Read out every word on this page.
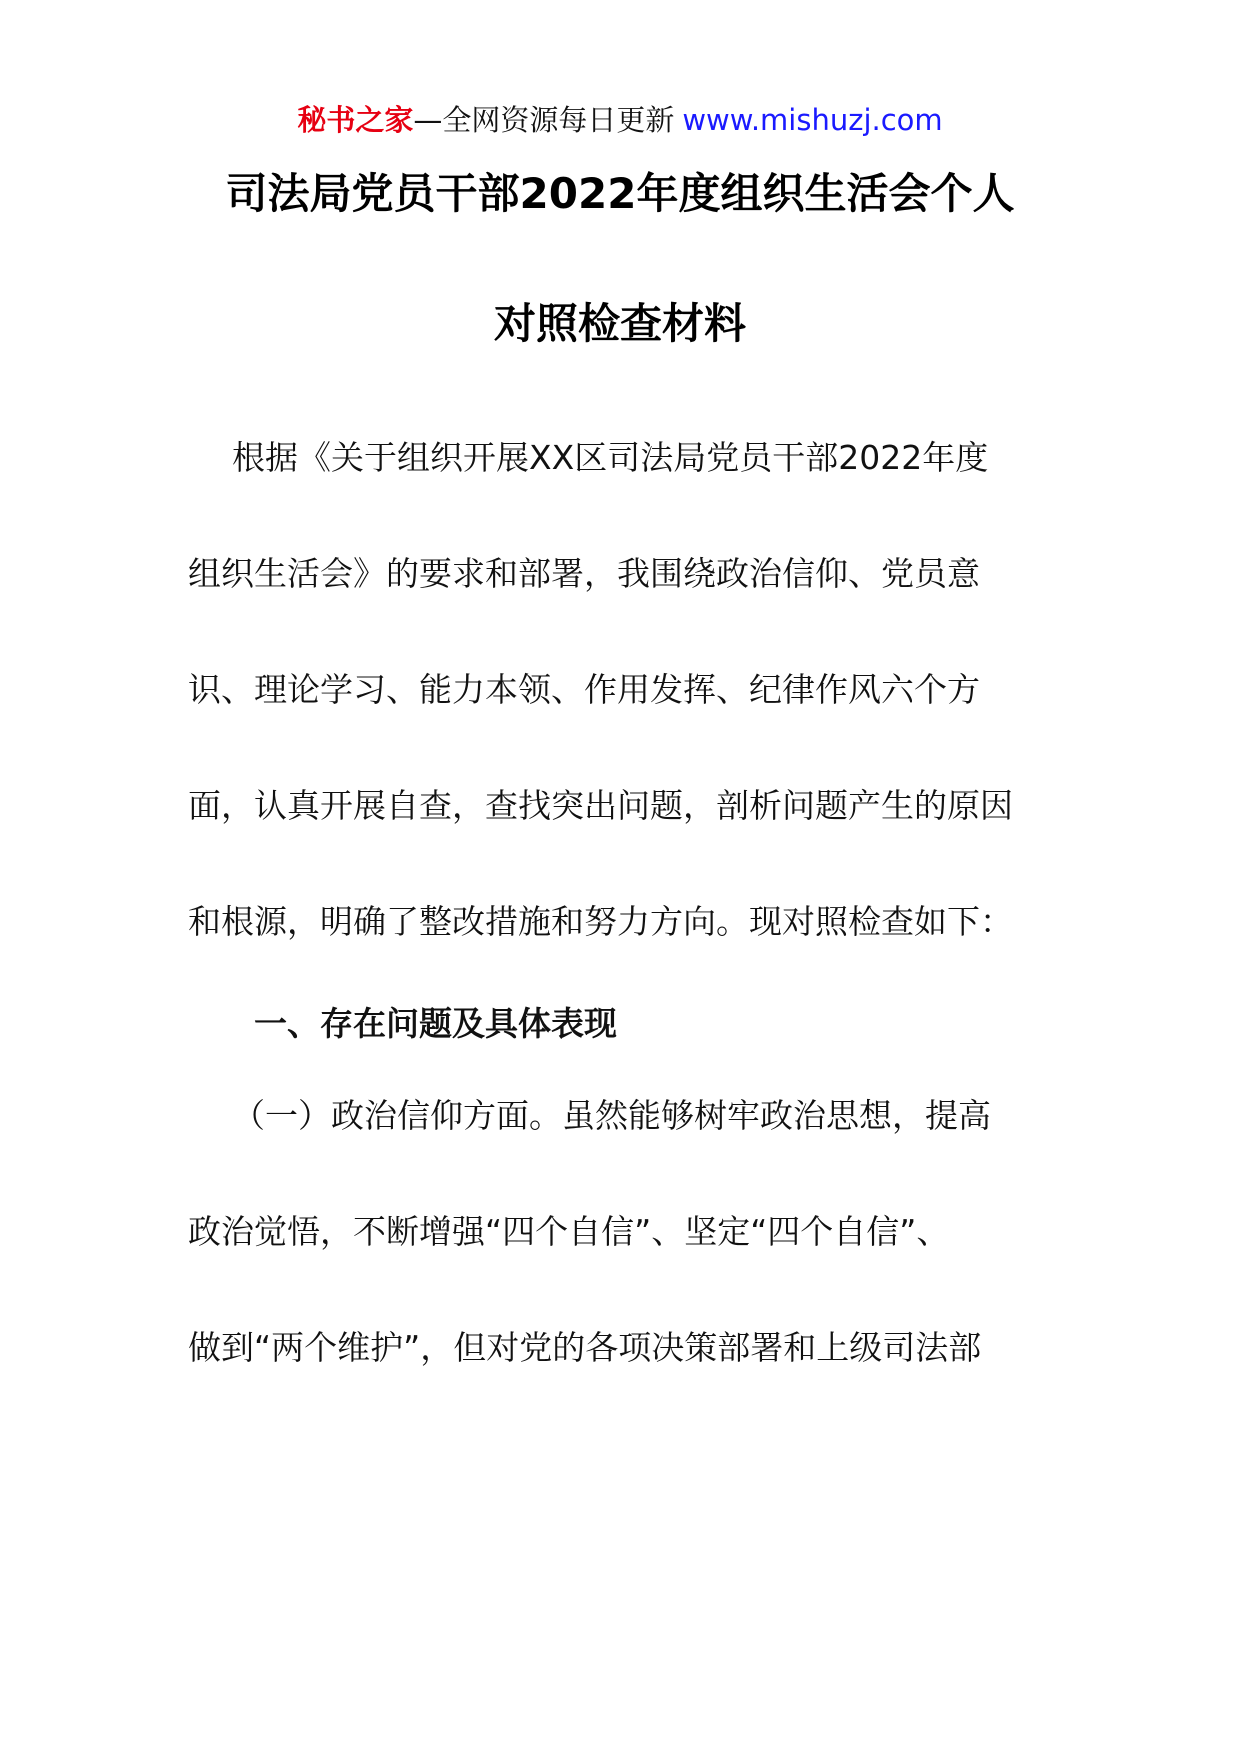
秘书之家—全网资源每日更新 www.mishuzj.com
司法局党员干部2022年度组织生活会个人
对照检查材料
根据《关于组织开展XX区司法局党员干部2022年度
组织生活会》的要求和部署，我围绕政治信仰、党员意
识、理论学习、能力本领、作用发挥、纪律作风六个方
面，认真开展自查，查找突出问题，剖析问题产生的原因
和根源，明确了整改措施和努力方向。现对照检查如下：
一、存在问题及具体表现
（一）政治信仰方面。虽然能够树牢政治思想，提高
政治觉悟，不断增强“四个自信”、坚定“四个自信”、
做到“两个维护”，但对党的各项决策部署和上级司法部
